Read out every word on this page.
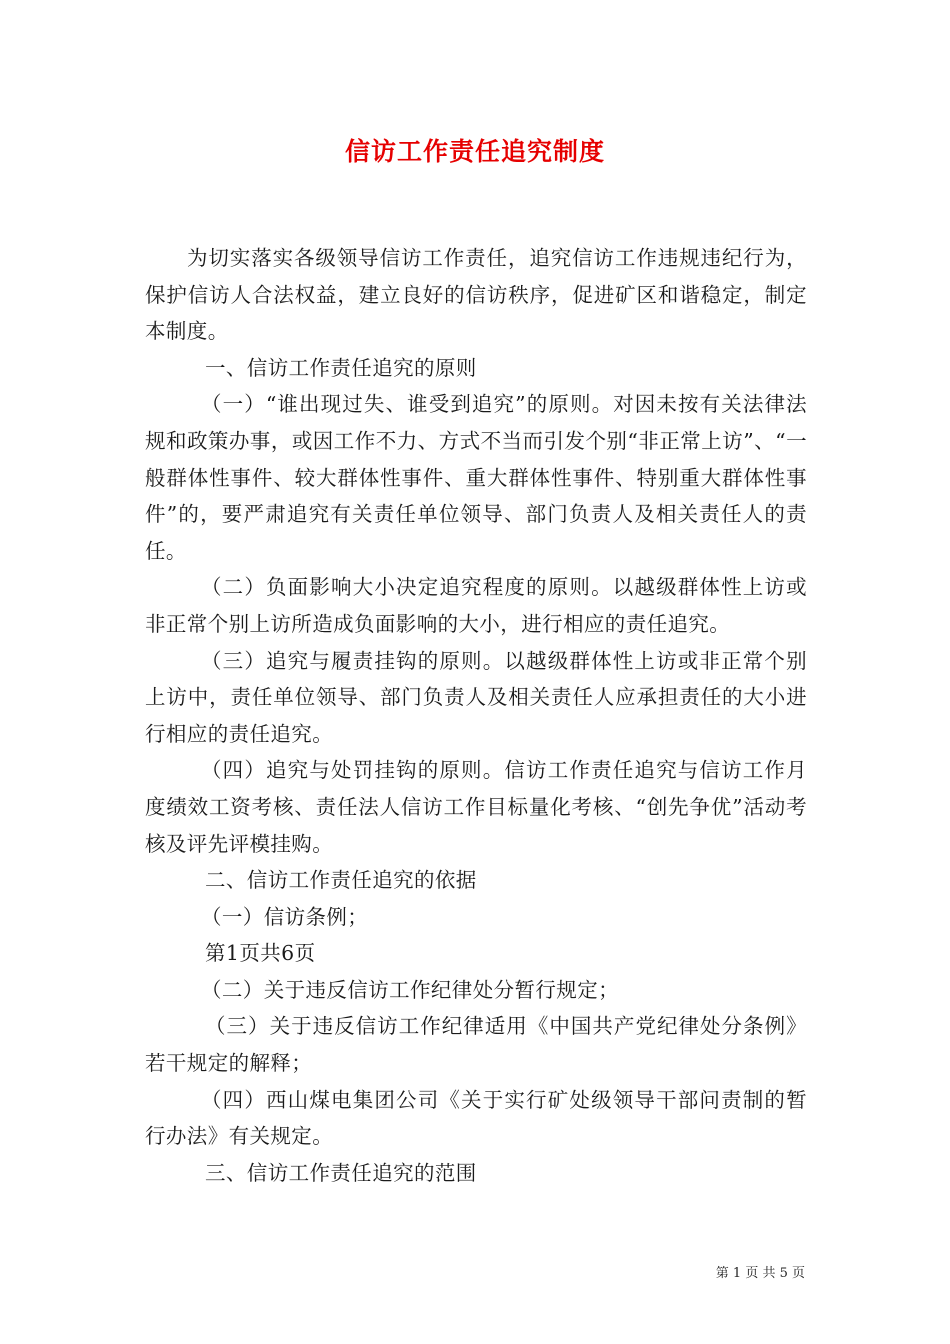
信访工作责任追究制度

为切实落实各级领导信访工作责任，追究信访工作违规违纪行为，保护信访人合法权益，建立良好的信访秩序，促进矿区和谐稳定，制定本制度。

一、信访工作责任追究的原则

（一）“谁出现过失、谁受到追究”的原则。对因未按有关法律法规和政策办事，或因工作不力、方式不当而引发个别“非正常上访”、“一般群体性事件、较大群体性事件、重大群体性事件、特别重大群体性事件”的，要严肃追究有关责任单位领导、部门负责人及相关责任人的责任。

（二）负面影响大小决定追究程度的原则。以越级群体性上访或非正常个别上访所造成负面影响的大小，进行相应的责任追究。

（三）追究与履责挂钩的原则。以越级群体性上访或非正常个别上访中，责任单位领导、部门负责人及相关责任人应承担责任的大小进行相应的责任追究。

（四）追究与处罚挂钩的原则。信访工作责任追究与信访工作月度绩效工资考核、责任法人信访工作目标量化考核、“创先争优”活动考核及评先评模挂购。

二、信访工作责任追究的依据

（一）信访条例；

第1页共6页

（二）关于违反信访工作纪律处分暂行规定；

（三）关于违反信访工作纪律适用《中国共产党纪律处分条例》若干规定的解释；

（四）西山煤电集团公司《关于实行矿处级领导干部问责制的暂行办法》有关规定。

三、信访工作责任追究的范围

第 1 页 共 5 页
